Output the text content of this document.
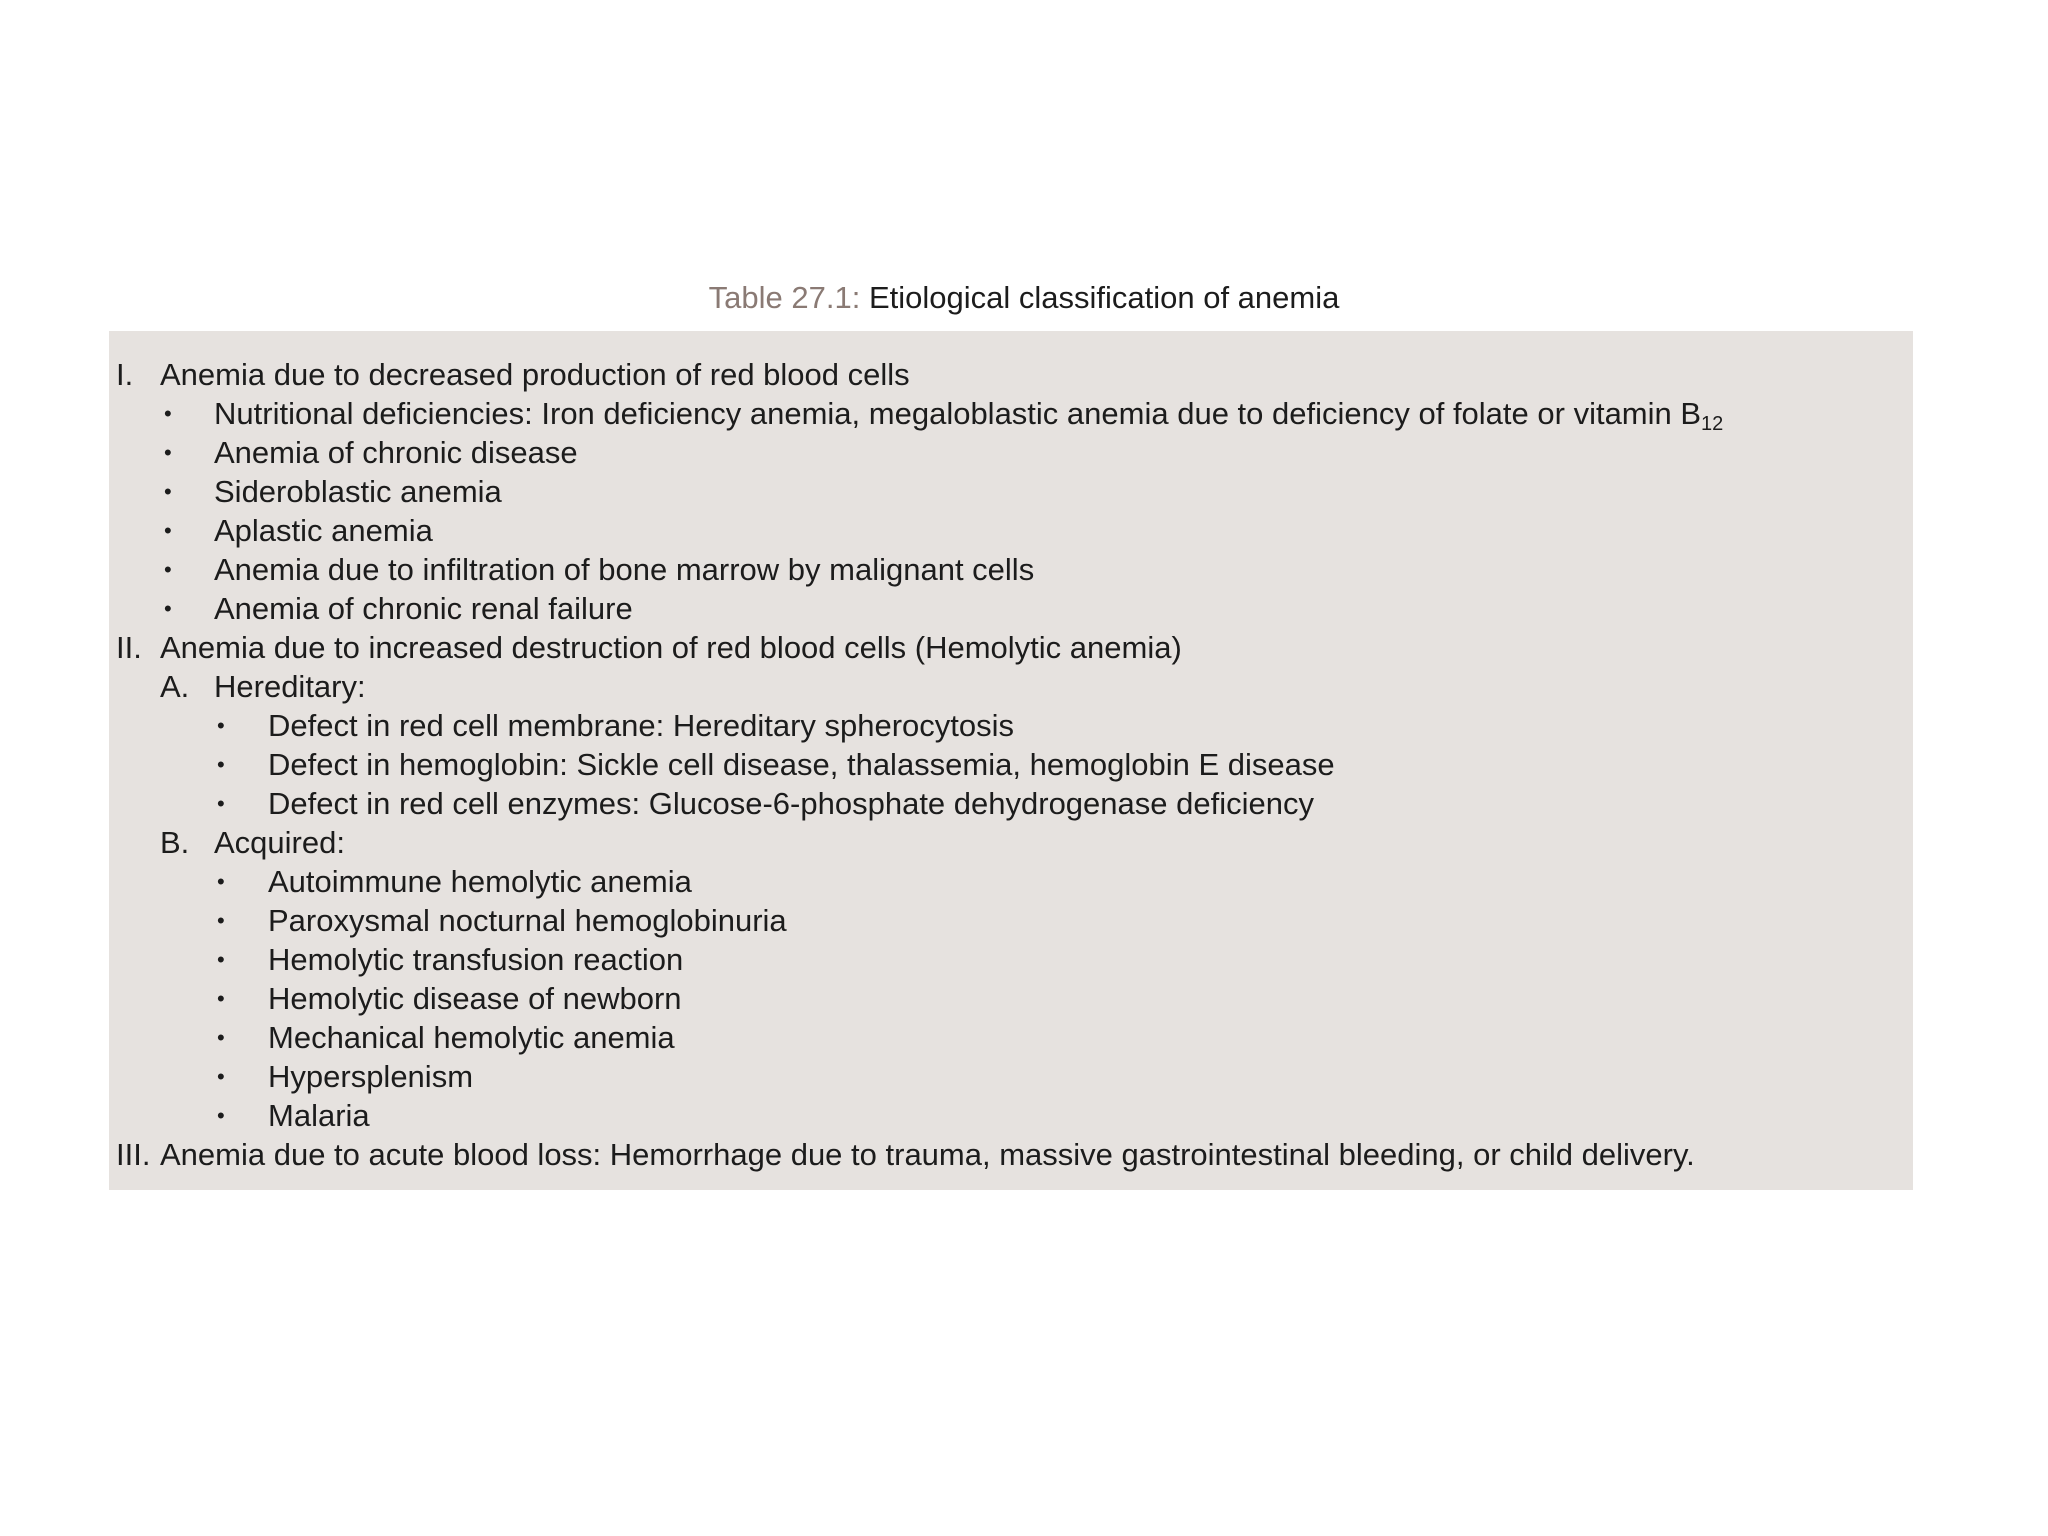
Table 27.1: Etiological classification of anemia
I. Anemia due to decreased production of red blood cells
• Nutritional deficiencies: Iron deficiency anemia, megaloblastic anemia due to deficiency of folate or vitamin $B_{12}$
• Anemia of chronic disease
• Sideroblastic anemia
• Aplastic anemia
• Anemia due to infiltration of bone marrow by malignant cells
• Anemia of chronic renal failure
II. Anemia due to increased destruction of red blood cells (Hemolytic anemia)
A. Hereditary:
• Defect in red cell membrane: Hereditary spherocytosis
• Defect in hemoglobin: Sickle cell disease, thalassemia, hemoglobin E disease
• Defect in red cell enzymes: Glucose-6-phosphate dehydrogenase deficiency
B. Acquired:
• Autoimmune hemolytic anemia
• Paroxysmal nocturnal hemoglobinuria
• Hemolytic transfusion reaction
• Hemolytic disease of newborn
• Mechanical hemolytic anemia
• Hypersplenism
• Malaria
III. Anemia due to acute blood loss: Hemorrhage due to trauma, massive gastrointestinal bleeding, or child delivery.
